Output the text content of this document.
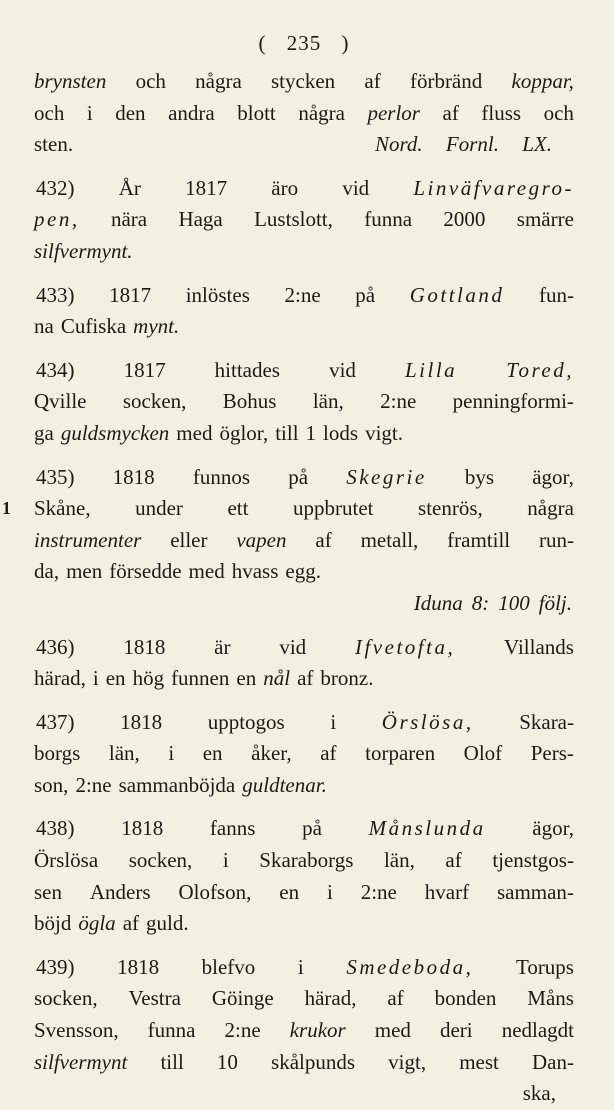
( 235 )
brynsten och några stycken af förbränd koppar,
och i den andra blott några perlor af fluss och
sten.	Nord. Fornl. LX.
432) År 1817 äro vid Linväfvaregro-
pen, nära Haga Lustslott, funna 2000 smärre
silfvermynt.
433) 1817 inlöstes 2:ne på Gottland fun-
na Cufiska mynt.
434) 1817 hittades vid Lilla Tored,
Qville socken, Bohus län, 2:ne penningformi-
ga guldsmycken med öglor, till 1 lods vigt.
435) 1818 funnos på Skegrie bys ägor,
1 Skåne, under ett uppbrutet stenrös, några
instrumenter eller vapen af metall, framtill run-
da, men försedde med hvass egg.
Iduna 8: 100 följ.
436) 1818 är vid Ifvetofta, Villands
härad, i en hög funnen en nål af bronz.
437) 1818 upptogos i Örslösa, Skara-
borgs län, i en åker, af torparen Olof Pers-
son, 2:ne sammanböjda guldtenar.
438) 1818 fanns på Månslunda ägor,
Örslösa socken, i Skaraborgs län, af tjenstgos-
sen Anders Olofson, en i 2:ne hvarf samman-
böjd ögla af guld.
439) 1818 blefvo i Smedeboda, Torups
socken, Vestra Göinge härad, af bonden Måns
Svensson, funna 2:ne krukor med deri nedlagdt
silfvermynt till 10 skålpunds vigt, mest Dan-
ska,
